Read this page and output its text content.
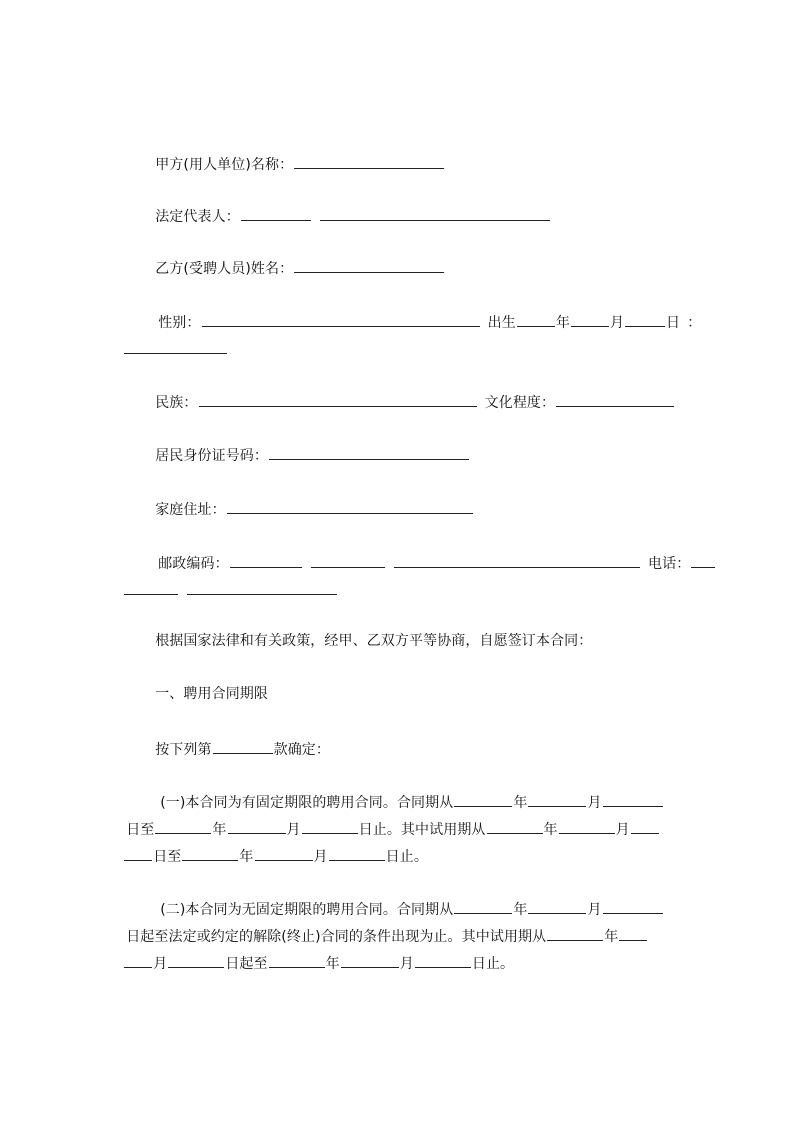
甲方(用人单位)名称：

法定代表人： 

乙方(受聘人员)姓名：

性别： 	出生	年	月	日  ：

民族： 	文化程度：

居民身份证号码：

家庭住址：

邮政编码：   	电话：

根据国家法律和有关政策，经甲、乙双方平等协商，自愿签订本合同：

一、聘用合同期限

按下列第	款确定：

(一)本合同为有固定期限的聘用合同。合同期从	年	月

日至	年	月	日止。其中试用期从	年	月

日至	年	月	日止。

(二)本合同为无固定期限的聘用合同。合同期从	年	月

日起至法定或约定的解除(终止)合同的条件出现为止。其中试用期从	年

月	日起至	年	月	日止。
